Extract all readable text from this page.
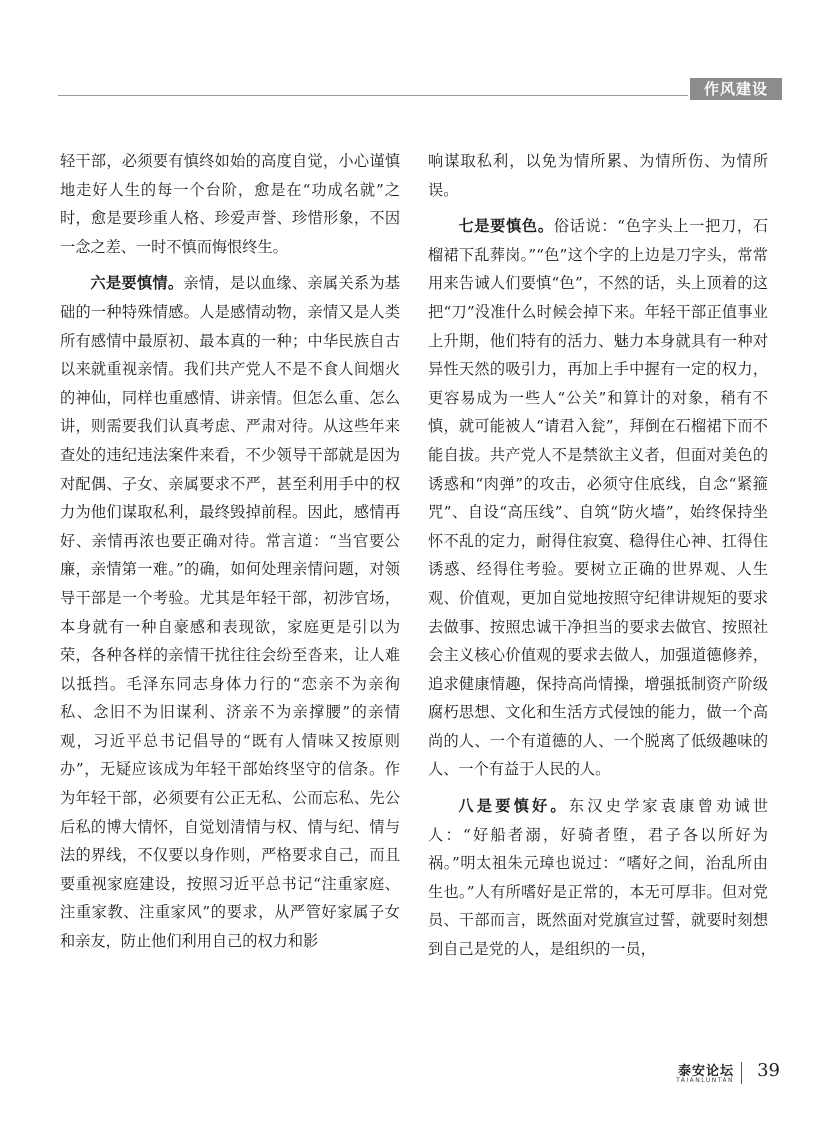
作风建设

轻干部，必须要有慎终如始的高度自觉，小心谨慎地走好人生的每一个台阶，愈是在“功成名就”之时，愈是要珍重人格、珍爱声誉、珍惜形象，不因一念之差、一时不慎而悔恨终生。

六是要慎情。亲情，是以血缘、亲属关系为基础的一种特殊情感。人是感情动物，亲情又是人类所有感情中最原初、最本真的一种；中华民族自古以来就重视亲情。我们共产党人不是不食人间烟火的神仙，同样也重感情、讲亲情。但怎么重、怎么讲，则需要我们认真考虑、严肃对待。从这些年来查处的违纪违法案件来看，不少领导干部就是因为对配偶、子女、亲属要求不严，甚至利用手中的权力为他们谋取私利，最终毁掉前程。因此，感情再好、亲情再浓也要正确对待。常言道：“当官要公廉，亲情第一难。”的确，如何处理亲情问题，对领导干部是一个考验。尤其是年轻干部，初涉官场，本身就有一种自豪感和表现欲，家庭更是引以为荣，各种各样的亲情干扰往往会纷至沓来，让人难以抵挡。毛泽东同志身体力行的“恋亲不为亲徇私、念旧不为旧谋利、济亲不为亲撑腰”的亲情观，习近平总书记倡导的“既有人情味又按原则办”，无疑应该成为年轻干部始终坚守的信条。作为年轻干部，必须要有公正无私、公而忘私、先公后私的博大情怀，自觉划清情与权、情与纪、情与法的界线，不仅要以身作则，严格要求自己，而且要重视家庭建设，按照习近平总书记“注重家庭、注重家教、注重家风”的要求，从严管好家属子女和亲友，防止他们利用自己的权力和影

响谋取私利，以免为情所累、为情所伤、为情所误。

七是要慎色。俗话说：“色字头上一把刀，石榴裙下乱葬岗。”“色”这个字的上边是刀字头，常常用来告诫人们要慎“色”，不然的话，头上顶着的这把“刀”没准什么时候会掉下来。年轻干部正值事业上升期，他们特有的活力、魅力本身就具有一种对异性天然的吸引力，再加上手中握有一定的权力，更容易成为一些人“公关”和算计的对象，稍有不慎，就可能被人“请君入瓮”，拜倒在石榴裙下而不能自拔。共产党人不是禁欲主义者，但面对美色的诱惑和“肉弹”的攻击，必须守住底线，自念“紧箍咒”、自设“高压线”、自筑“防火墙”，始终保持坐怀不乱的定力，耐得住寂寞、稳得住心神、扛得住诱惑、经得住考验。要树立正确的世界观、人生观、价值观，更加自觉地按照守纪律讲规矩的要求去做事、按照忠诚干净担当的要求去做官、按照社会主义核心价值观的要求去做人，加强道德修养，追求健康情趣，保持高尚情操，增强抵制资产阶级腐朽思想、文化和生活方式侵蚀的能力，做一个高尚的人、一个有道德的人、一个脱离了低级趣味的人、一个有益于人民的人。

八是要慎好。东汉史学家袁康曾劝诫世人：“好船者溺，好骑者堕，君子各以所好为祸。”明太祖朱元璋也说过：“嗜好之间，治乱所由生也。”人有所嗜好是正常的，本无可厚非。但对党员、干部而言，既然面对党旗宣过誓，就要时刻想到自己是党的人，是组织的一员，

泰安论坛
TAIANLUNTAN 39
